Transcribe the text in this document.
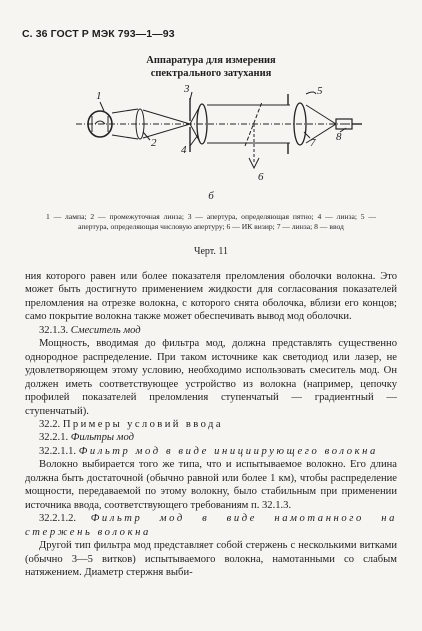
С. 36 ГОСТ Р МЭК 793—1—93
Аппаратура для измерения
спектрального затухания
1
2
3
4
5
6
7 8
б
1 — лампа; 2 — промежуточная линза; 3 — апертура, определяющая пятно; 4 — линза; 5 — апертура, определяющая числовую апертуру; 6 — ИК визир; 7 — линза; 8 — ввод
Черт. 11

ния которого равен или более показателя преломления оболочки волокна. Это может быть достигнуто применением жидкости для согласования показателей преломления на отрезке волокна, с которого снята оболочка, вблизи его концов; само покрытие волокна также может обеспечивать вывод мод оболочки.

32.1.3. Смеситель мод

Мощность, вводимая до фильтра мод, должна представлять существенно однородное распределение. При таком источнике как светодиод или лазер, не удовлетворяющем этому условию, необходимо использовать смеситель мод. Он должен иметь соответствующее устройство из волокна (например, цепочку профилей показателей преломления ступенчатый — градиентный — ступенчатый).

32.2. Примеры условий ввода

32.2.1. Фильтры мод

32.2.1.1. Фильтр мод в виде инициирующего волокна

Волокно выбирается того же типа, что и испытываемое волокно. Его длина должна быть достаточной (обычно равной или более 1 км), чтобы распределение мощности, передаваемой по этому волокну, было стабильным при применении источника ввода, соответствующего требованиям п. 32.1.3.

32.2.1.2. Фильтр мод в виде намотанного на стержень волокна

Другой тип фильтра мод представляет собой стержень с несколькими витками (обычно 3—5 витков) испытываемого волокна, намотанными со слабым натяжением. Диаметр стержня выби-
